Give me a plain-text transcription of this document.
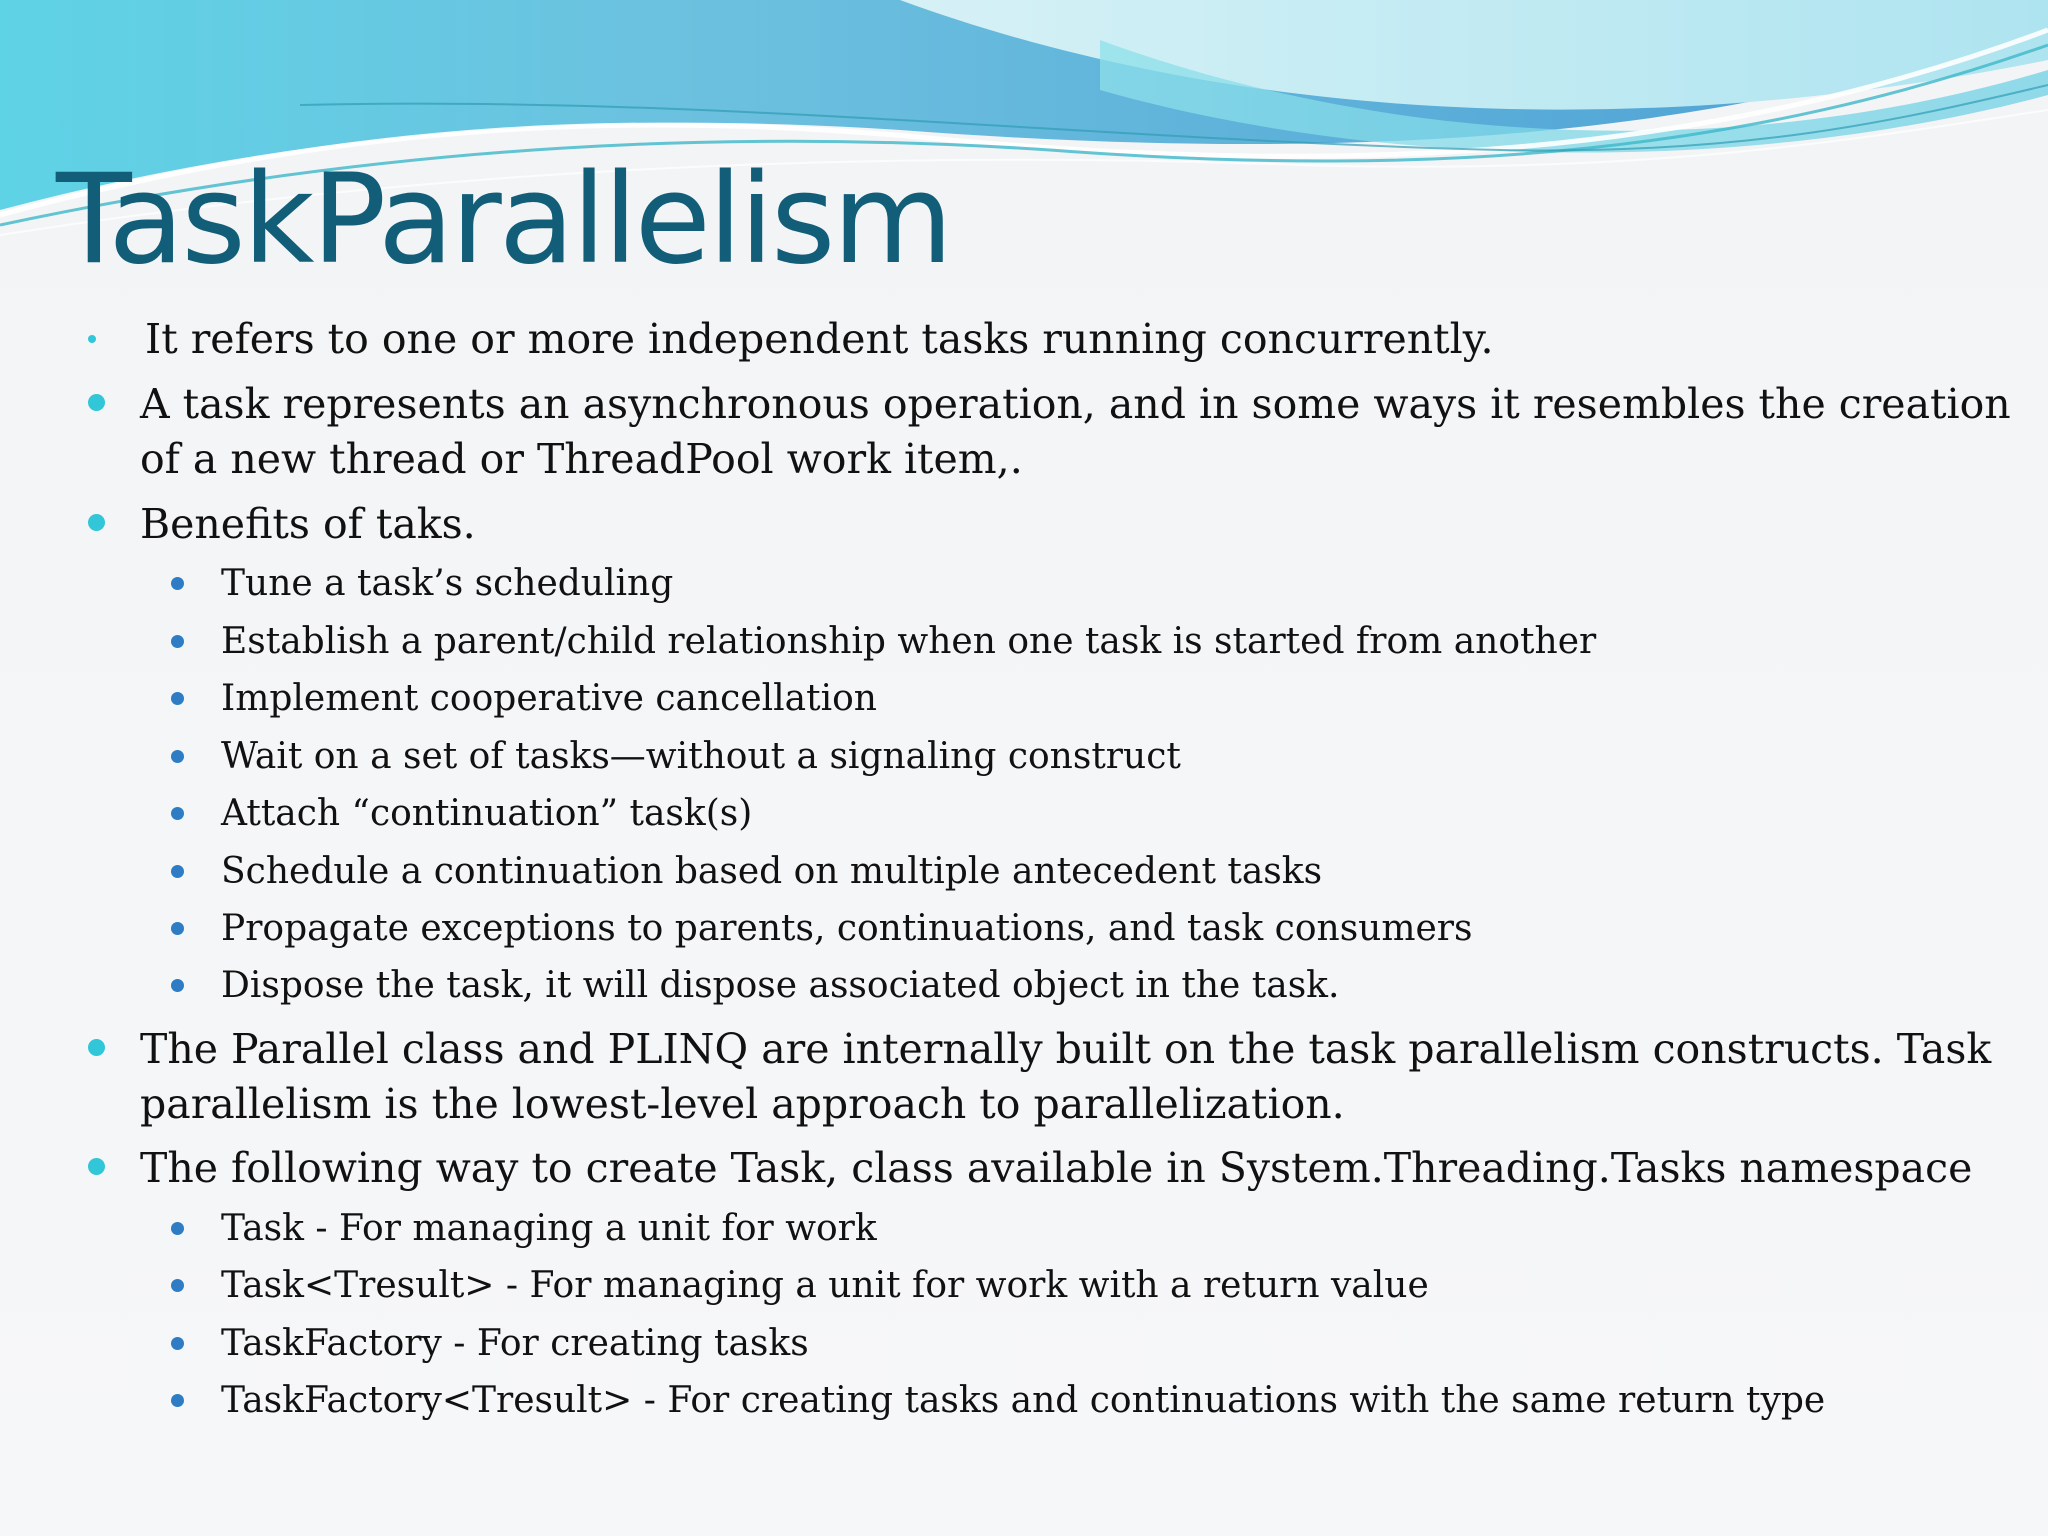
TaskParallelism
It refers to one or more independent tasks running concurrently.
A task represents an asynchronous operation, and in some ways it resembles the creation
of a new thread or ThreadPool work item,.
Benefits of taks.
Tune a task’s scheduling
Establish a parent/child relationship when one task is started from another
Implement cooperative cancellation
Wait on a set of tasks—without a signaling construct
Attach “continuation” task(s)
Schedule a continuation based on multiple antecedent tasks
Propagate exceptions to parents, continuations, and task consumers
Dispose the task, it will dispose associated object in the task.
The Parallel class and PLINQ are internally built on the task parallelism constructs. Task
parallelism is the lowest-level approach to parallelization.
The following way to create Task, class available in System.Threading.Tasks namespace
Task - For managing a unit for work
Task<Tresult> - For managing a unit for work with a return value
TaskFactory - For creating tasks
TaskFactory<Tresult> - For creating tasks and continuations with the same return type
